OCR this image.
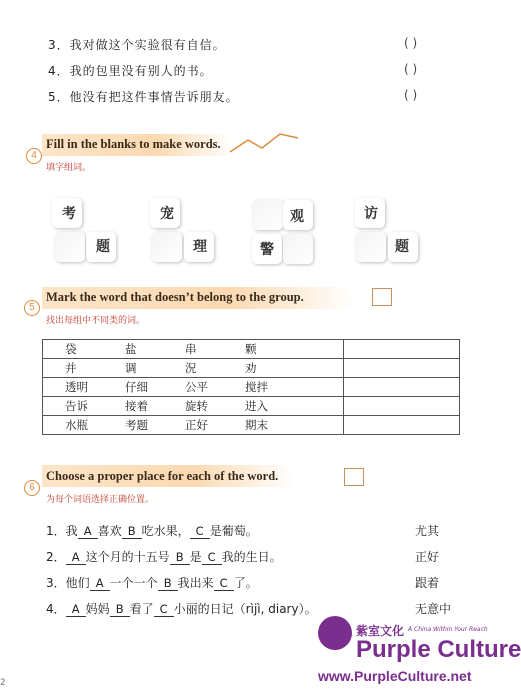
3．我对做这个实验很有自信。	( )
4．我的包里没有别人的书。	( )
5．他没有把这件事情告诉朋友。	( )
4
Fill in the blanks to make words.
填字组词。
考
题
宠
理
观
警
访
题
5
Mark the word that doesn’t belong to the group.
找出每组中不同类的词。
袋 盐 串 颗	

并 调 況 劝	

透明 仔细 公平 搅拌	

告诉 接着 旋转 进入	

水瓶 考题 正好 期末	

6
Choose a proper place for each of the word.
为每个词语选择正确位置。
1．我 A 喜欢 B 吃水果， C 是葡萄。	尤其
2． A 这个月的十五号 B 是 C 我的生日。	正好
3．他们 A 一个一个 B 我出来 C 了。	跟着
4． A 妈妈 B 看了 C 小丽的日记（rìjì, diary）。	无意中
紫室文化 A China Within Your Reach
Purple Culture
www.PurpleCulture.net
2
